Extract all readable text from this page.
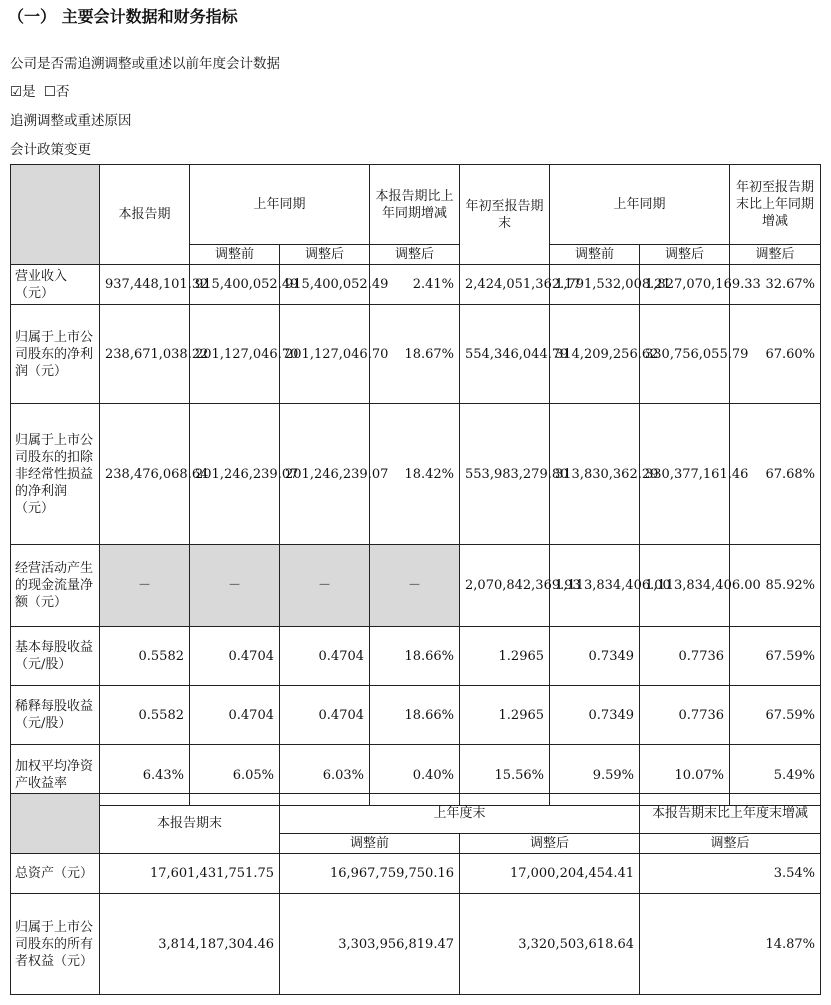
（一） 主要会计数据和财务指标
公司是否需追溯调整或重述以前年度会计数据
☑是 ☐否
追溯调整或重述原因
会计政策变更
	本报告期	上年同期		本报告期比上年同期增减	年初至报告期末	上年同期		年初至报告期末比上年同期增减
		调整前	调整后	调整后		调整前	调整后	调整后
营业收入（元）	937,448,101.32	915,400,052.49	915,400,052.49	2.41%	2,424,051,362.17	1,791,532,008.21	1,827,070,169.33	32.67%
归属于上市公司股东的净利润（元）	238,671,038.22	201,127,046.70	201,127,046.70	18.67%	554,346,044.79	314,209,256.62	330,756,055.79	67.60%
归属于上市公司股东的扣除非经常性损益的净利润（元）	238,476,068.64	201,246,239.07	201,246,239.07	18.42%	553,983,279.80	313,830,362.29	330,377,161.46	67.68%
经营活动产生的现金流量净额（元）	－	－	－	－	2,070,842,369.93	1,113,834,406.00	1,113,834,406.00	85.92%
基本每股收益（元/股）	0.5582	0.4704	0.4704	18.66%	1.2965	0.7349	0.7736	67.59%
稀释每股收益（元/股）	0.5582	0.4704	0.4704	18.66%	1.2965	0.7349	0.7736	67.59%
加权平均净资产收益率	6.43%	6.05%	6.03%	0.40%	15.56%	9.59%	10.07%	5.49%
	本报告期末	上年度末		本报告期末比上年度末增减
		调整前	调整后	调整后
总资产（元）	17,601,431,751.75	16,967,759,750.16	17,000,204,454.41	3.54%
归属于上市公司股东的所有者权益（元）	3,814,187,304.46	3,303,956,819.47	3,320,503,618.64	14.87%
